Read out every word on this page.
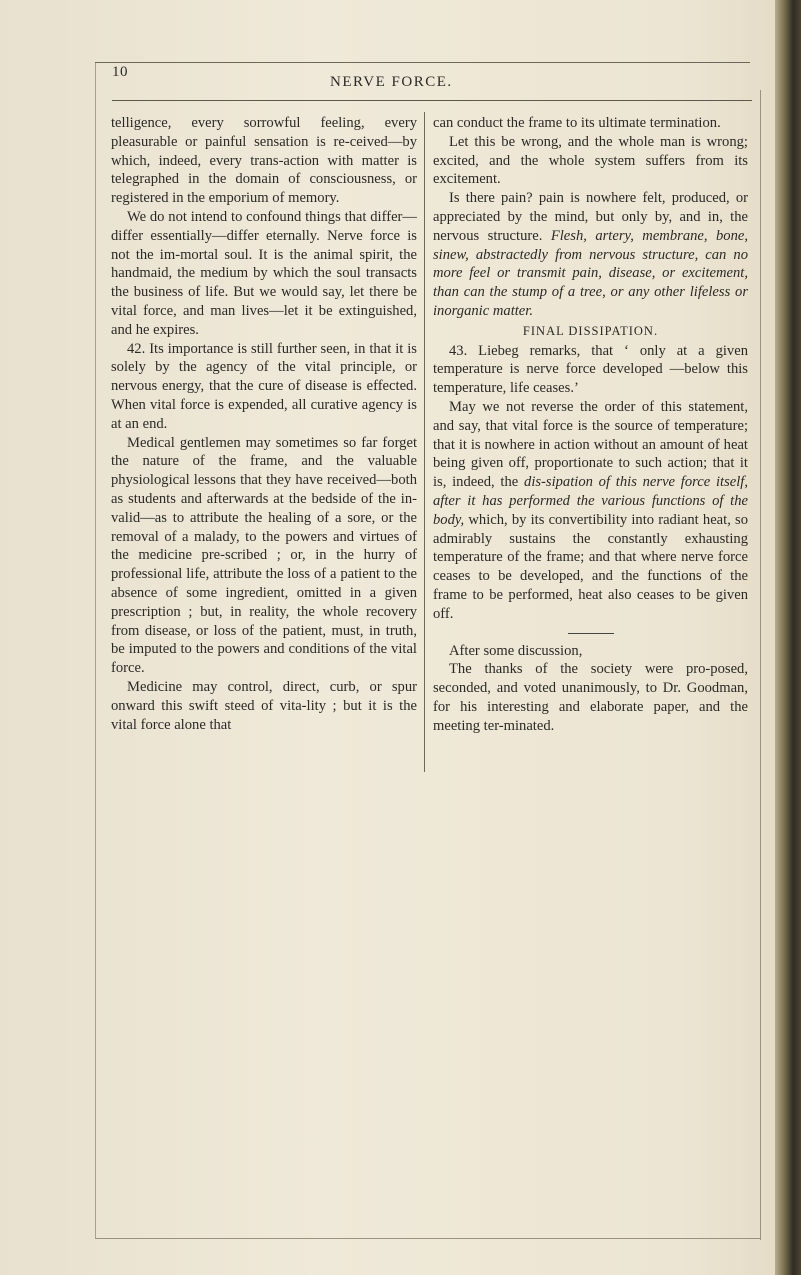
10
NERVE FORCE.

telligence, every sorrowful feeling, every pleasurable or painful sensation is re-ceived—by which, indeed, every trans-action with matter is telegraphed in the domain of consciousness, or registered in the emporium of memory.

We do not intend to confound things that differ—differ essentially—differ eternally. Nerve force is not the im-mortal soul. It is the animal spirit, the handmaid, the medium by which the soul transacts the business of life. But we would say, let there be vital force, and man lives—let it be extinguished, and he expires.

42. Its importance is still further seen, in that it is solely by the agency of the vital principle, or nervous energy, that the cure of disease is effected. When vital force is expended, all curative agency is at an end.

Medical gentlemen may sometimes so far forget the nature of the frame, and the valuable physiological lessons that they have received—both as students and afterwards at the bedside of the in-valid—as to attribute the healing of a sore, or the removal of a malady, to the powers and virtues of the medicine pre-scribed ; or, in the hurry of professional life, attribute the loss of a patient to the absence of some ingredient, omitted in a given prescription ; but, in reality, the whole recovery from disease, or loss of the patient, must, in truth, be imputed to the powers and conditions of the vital force.

Medicine may control, direct, curb, or spur onward this swift steed of vita-lity ; but it is the vital force alone that

can conduct the frame to its ultimate termination.

Let this be wrong, and the whole man is wrong; excited, and the whole system suffers from its excitement.

Is there pain? pain is nowhere felt, produced, or appreciated by the mind, but only by, and in, the nervous structure. Flesh, artery, membrane, bone, sinew, abstractedly from nervous structure, can no more feel or transmit pain, disease, or excitement, than can the stump of a tree, or any other lifeless or inorganic matter.

FINAL DISSIPATION.

43. Liebeg remarks, that ‘ only at a given temperature is nerve force developed —below this temperature, life ceases.’

May we not reverse the order of this statement, and say, that vital force is the source of temperature; that it is nowhere in action without an amount of heat being given off, proportionate to such action; that it is, indeed, the dis-sipation of this nerve force itself, after it has performed the various functions of the body, which, by its convertibility into radiant heat, so admirably sustains the constantly exhausting temperature of the frame; and that where nerve force ceases to be developed, and the functions of the frame to be performed, heat also ceases to be given off.

After some discussion,

The thanks of the society were pro-posed, seconded, and voted unanimously, to Dr. Goodman, for his interesting and elaborate paper, and the meeting ter-minated.
